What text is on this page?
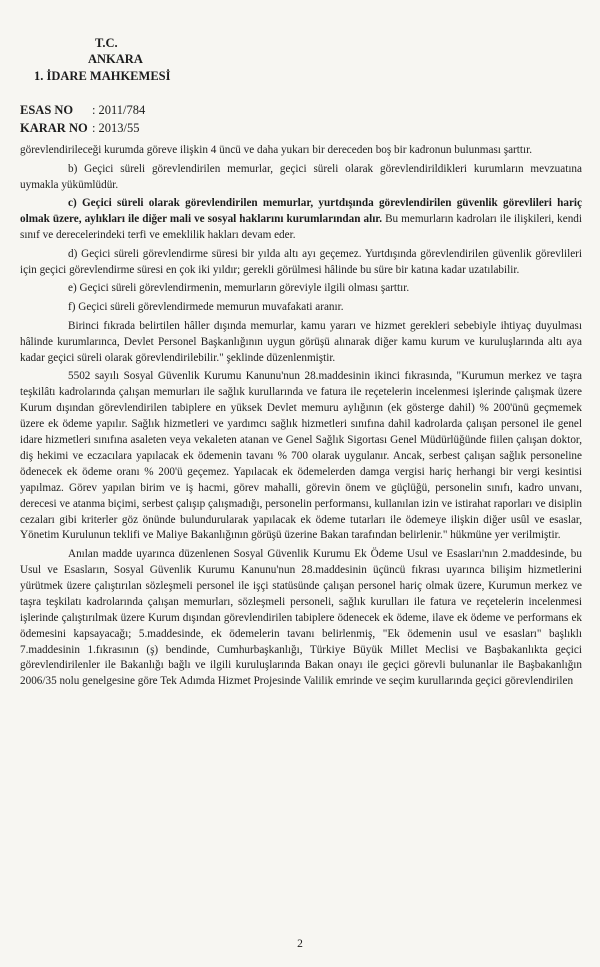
T.C.
ANKARA
1. İDARE MAHKEMESİ
ESAS NO : 2011/784
KARAR NO : 2013/55

görevlendirileceği kurumda göreve ilişkin 4 üncü ve daha yukarı bir dereceden boş bir kadronun bulunması şarttır.

b) Geçici süreli görevlendirilen memurlar, geçici süreli olarak görevlendirildikleri kurumların mevzuatına uymakla yükümlüdür.

c) Geçici süreli olarak görevlendirilen memurlar, yurtdışında görevlendirilen güvenlik görevlileri hariç olmak üzere, aylıkları ile diğer mali ve sosyal haklarını kurumlarından alır. Bu memurların kadroları ile ilişkileri, kendi sınıf ve derecelerindeki terfi ve emeklilik hakları devam eder.

d) Geçici süreli görevlendirme süresi bir yılda altı ayı geçemez. Yurtdışında görevlendirilen güvenlik görevlileri için geçici görevlendirme süresi en çok iki yıldır; gerekli görülmesi hâlinde bu süre bir katına kadar uzatılabilir.

e) Geçici süreli görevlendirmenin, memurların göreviyle ilgili olması şarttır.

f) Geçici süreli görevlendirmede memurun muvafakati aranır.

Birinci fıkrada belirtilen hâller dışında memurlar, kamu yararı ve hizmet gerekleri sebebiyle ihtiyaç duyulması hâlinde kurumlarınca, Devlet Personel Başkanlığının uygun görüşü alınarak diğer kamu kurum ve kuruluşlarında altı aya kadar geçici süreli olarak görevlendirilebilir." şeklinde düzenlenmiştir.

5502 sayılı Sosyal Güvenlik Kurumu Kanunu'nun 28.maddesinin ikinci fıkrasında, "Kurumun merkez ve taşra teşkilâtı kadrolarında çalışan memurları ile sağlık kurullarında ve fatura ile reçetelerin incelenmesi işlerinde çalışmak üzere Kurum dışından görevlendirilen tabiplere en yüksek Devlet memuru aylığının (ek gösterge dahil) % 200'ünü geçmemek üzere ek ödeme yapılır. Sağlık hizmetleri ve yardımcı sağlık hizmetleri sınıfına dahil kadrolarda çalışan personel ile genel idare hizmetleri sınıfına asaleten veya vekaleten atanan ve Genel Sağlık Sigortası Genel Müdürlüğünde fiilen çalışan doktor, diş hekimi ve eczacılara yapılacak ek ödemenin tavanı % 700 olarak uygulanır. Ancak, serbest çalışan sağlık personeline ödenecek ek ödeme oranı % 200'ü geçemez. Yapılacak ek ödemelerden damga vergisi hariç herhangi bir vergi kesintisi yapılmaz. Görev yapılan birim ve iş hacmi, görev mahalli, görevin önem ve güçlüğü, personelin sınıfı, kadro unvanı, derecesi ve atanma biçimi, serbest çalışıp çalışmadığı, personelin performansı, kullanılan izin ve istirahat raporları ve disiplin cezaları gibi kriterler göz önünde bulundurularak yapılacak ek ödeme tutarları ile ödemeye ilişkin diğer usûl ve esaslar, Yönetim Kurulunun teklifi ve Maliye Bakanlığının görüşü üzerine Bakan tarafından belirlenir." hükmüne yer verilmiştir.

Anılan madde uyarınca düzenlenen Sosyal Güvenlik Kurumu Ek Ödeme Usul ve Esasları'nın 2.maddesinde, bu Usul ve Esasların, Sosyal Güvenlik Kurumu Kanunu'nun 28.maddesinin üçüncü fıkrası uyarınca bilişim hizmetlerini yürütmek üzere çalıştırılan sözleşmeli personel ile işçi statüsünde çalışan personel hariç olmak üzere, Kurumun merkez ve taşra teşkilatı kadrolarında çalışan memurları, sözleşmeli personeli, sağlık kurulları ile fatura ve reçetelerin incelenmesi işlerinde çalıştırılmak üzere Kurum dışından görevlendirilen tabiplere ödenecek ek ödeme, ilave ek ödeme ve performans ek ödemesini kapsayacağı; 5.maddesinde, ek ödemelerin tavanı belirlenmiş, "Ek ödemenin usul ve esasları" başlıklı 7.maddesinin 1.fıkrasının (ş) bendinde, Cumhurbaşkanlığı, Türkiye Büyük Millet Meclisi ve Başbakanlıkta geçici görevlendirilenler ile Bakanlığı bağlı ve ilgili kuruluşlarında Bakan onayı ile geçici görevli bulunanlar ile Başbakanlığın 2006/35 nolu genelgesine göre Tek Adımda Hizmet Projesinde Valilik emrinde ve seçim kurullarında geçici görevlendirilen

2
